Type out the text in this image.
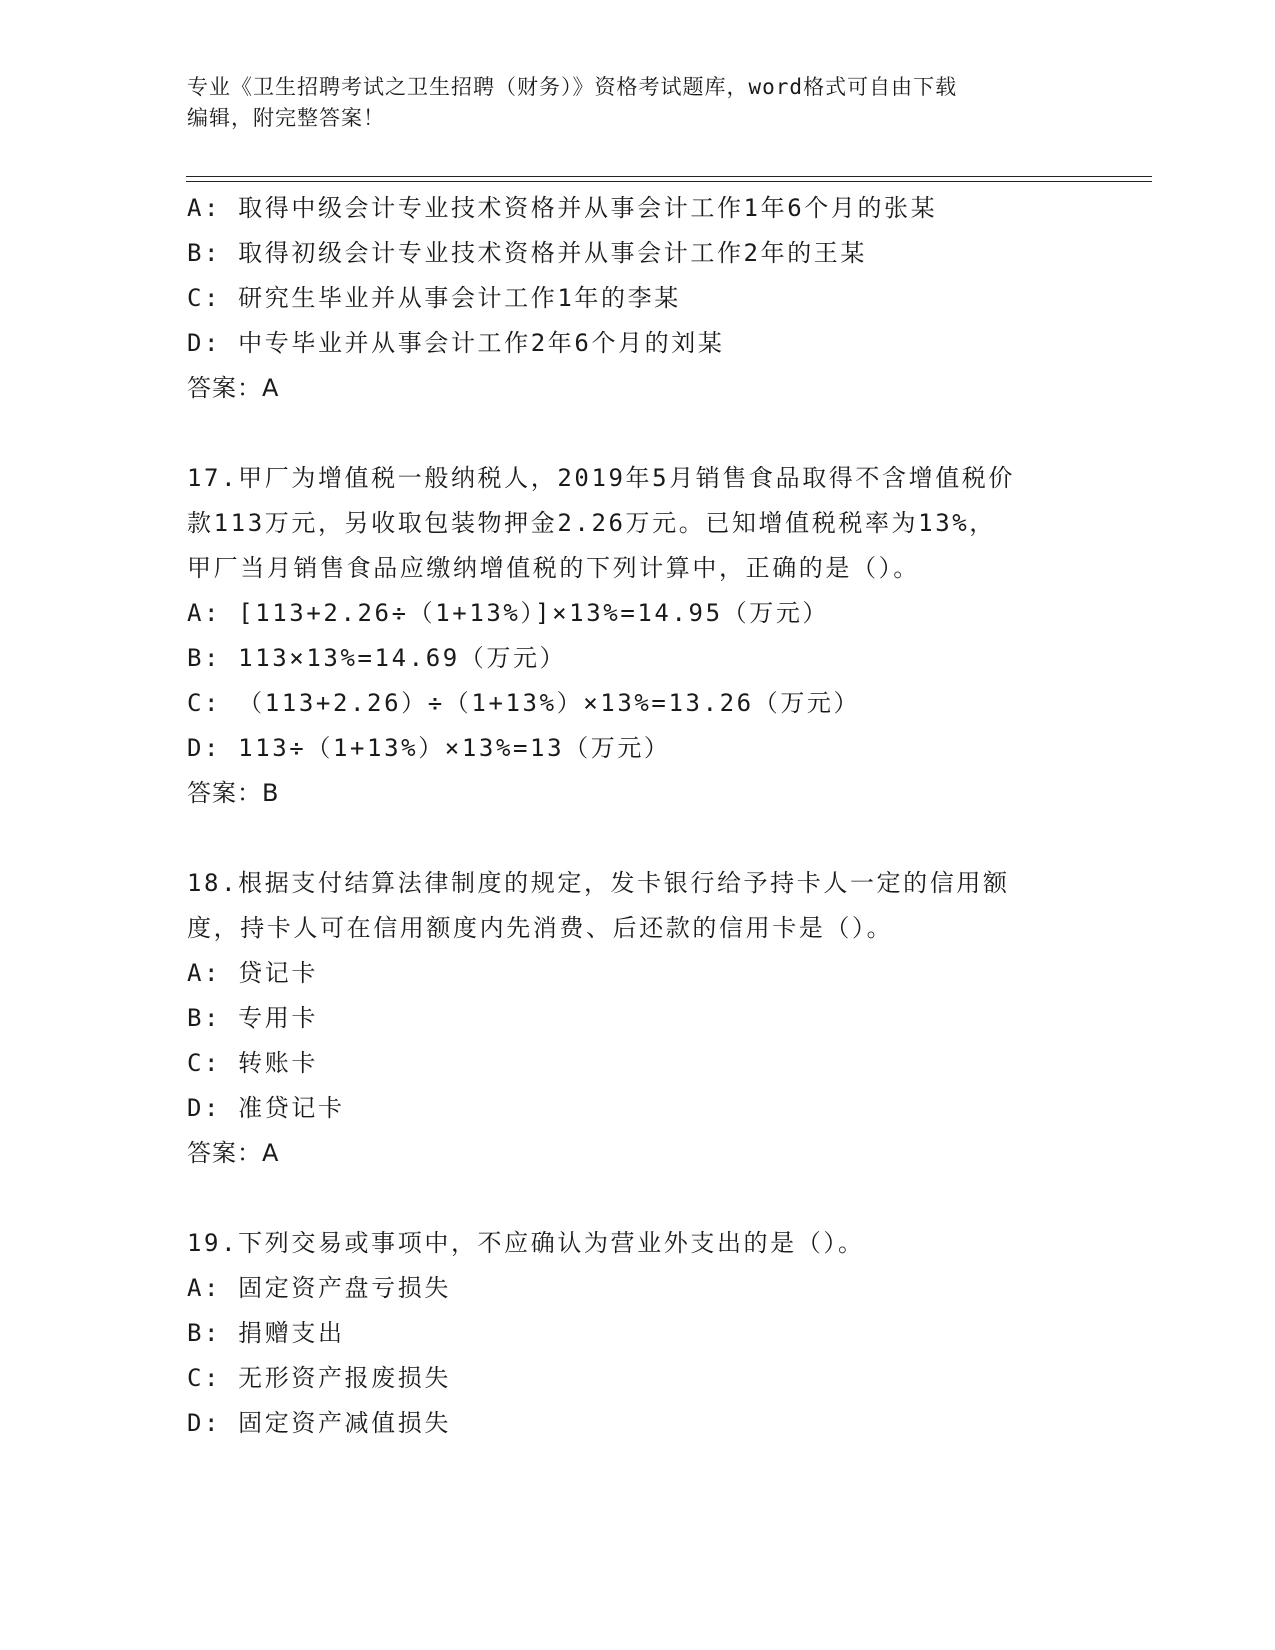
专业《卫生招聘考试之卫生招聘（财务）》资格考试题库，word格式可自由下载
编辑，附完整答案！
A: 取得中级会计专业技术资格并从事会计工作1年6个月的张某
B: 取得初级会计专业技术资格并从事会计工作2年的王某
C: 研究生毕业并从事会计工作1年的李某
D: 中专毕业并从事会计工作2年6个月的刘某
答案：A
17.甲厂为增值税一般纳税人，2019年5月销售食品取得不含增值税价
款113万元，另收取包装物押金2.26万元。已知增值税税率为13%，
甲厂当月销售食品应缴纳增值税的下列计算中，正确的是（）。
A: [113+2.26÷（1+13%）]×13%=14.95（万元）
B: 113×13%=14.69（万元）
C: （113+2.26）÷（1+13%）×13%=13.26（万元）
D: 113÷（1+13%）×13%=13（万元）
答案：B
18.根据支付结算法律制度的规定，发卡银行给予持卡人一定的信用额
度，持卡人可在信用额度内先消费、后还款的信用卡是（）。
A: 贷记卡
B: 专用卡
C: 转账卡
D: 准贷记卡
答案：A
19.下列交易或事项中，不应确认为营业外支出的是（）。
A: 固定资产盘亏损失
B: 捐赠支出
C: 无形资产报废损失
D: 固定资产减值损失
